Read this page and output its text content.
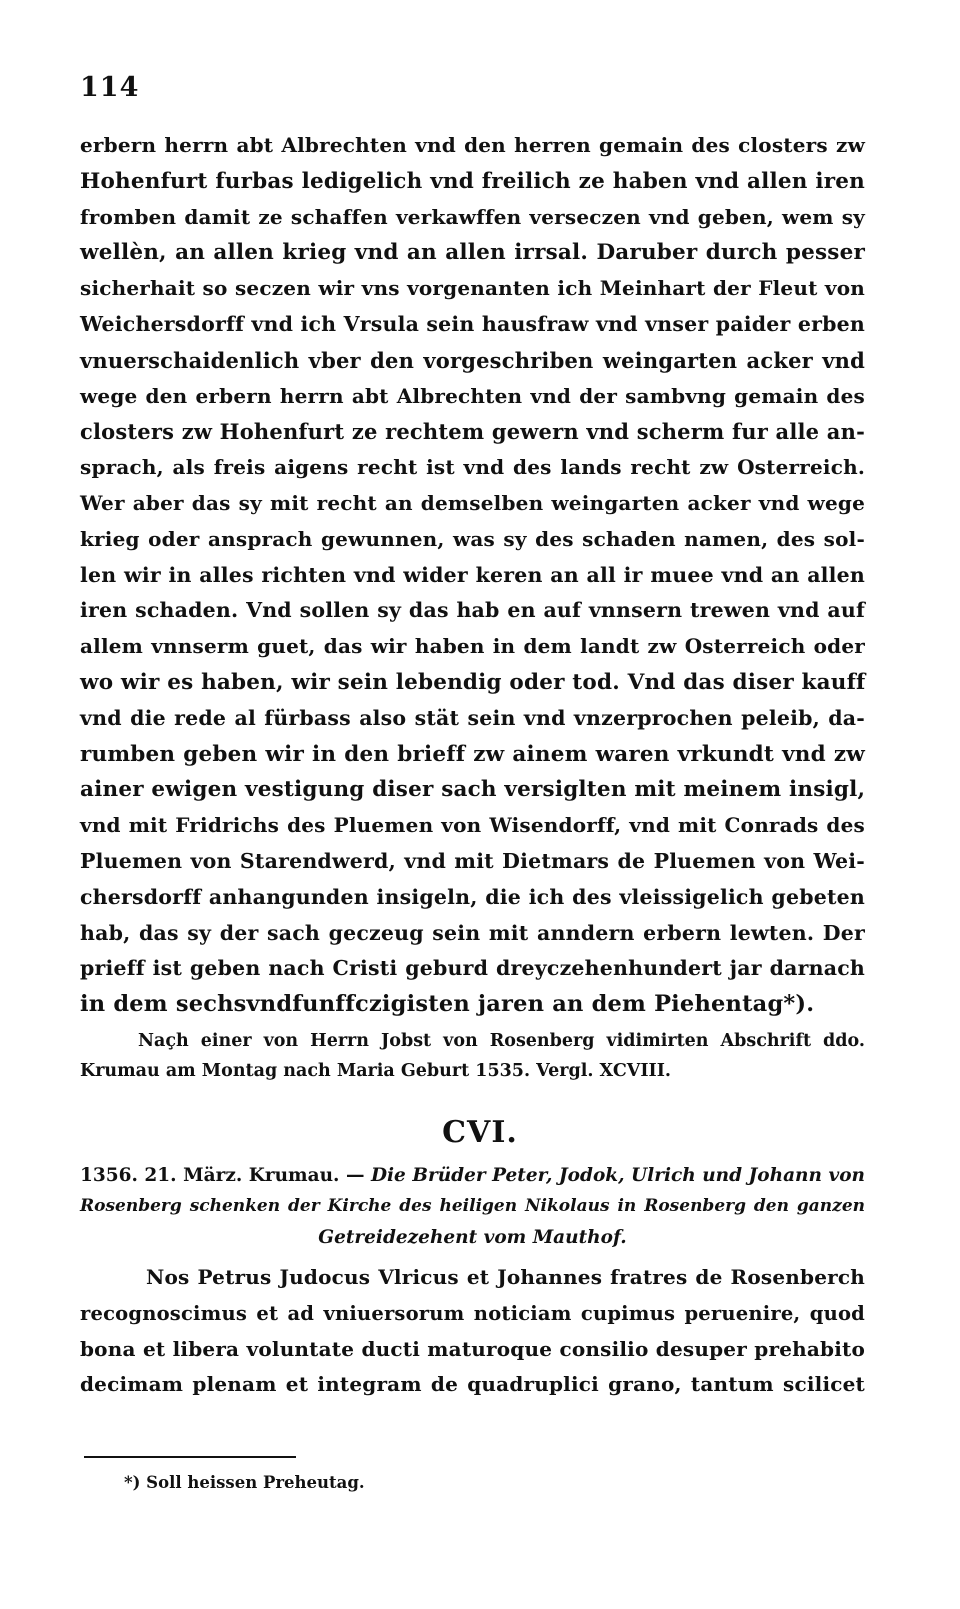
114
erbern herrn abt Albrechten vnd den herren gemain des closters zw
Hohenfurt furbas ledigelich vnd freilich ze haben vnd allen iren
fromben damit ze schaffen verkawffen verseczen vnd geben, wem sy
wellèn, an allen krieg vnd an allen irrsal. Daruber durch pesser
sicherhait so seczen wir vns vorgenanten ich Meinhart der Fleut von
Weichersdorff vnd ich Vrsula sein hausfraw vnd vnser paider erben
vnuerschaidenlich vber den vorgeschriben weingarten acker vnd
wege den erbern herrn abt Albrechten vnd der sambvng gemain des
closters zw Hohenfurt ze rechtem gewern vnd scherm fur alle an-
sprach, als freis aigens recht ist vnd des lands recht zw Osterreich.
Wer aber das sy mit recht an demselben weingarten acker vnd wege
krieg oder ansprach gewunnen, was sy des schaden namen, des sol-
len wir in alles richten vnd wider keren an all ir muee vnd an allen
iren schaden. Vnd sollen sy das hab en auf vnnsern trewen vnd auf
allem vnnserm guet, das wir haben in dem landt zw Osterreich oder
wo wir es haben, wir sein lebendig oder tod. Vnd das diser kauff
vnd die rede al fürbass also stät sein vnd vnzerprochen peleib, da-
rumben geben wir in den brieff zw ainem waren vrkundt vnd zw
ainer ewigen vestigung diser sach versiglten mit meinem insigl,
vnd mit Fridrichs des Pluemen von Wisendorff, vnd mit Conrads des
Pluemen von Starendwerd, vnd mit Dietmars de Pluemen von Wei-
chersdorff anhangunden insigeln, die ich des vleissigelich gebeten
hab, das sy der sach geczeug sein mit anndern erbern lewten. Der
prieff ist geben nach Cristi geburd dreyczehenhundert jar darnach
in dem sechsvndfunffczigisten jaren an dem Piehentag*).
Naçh einer von Herrn Jobst von Rosenberg vidimirten Abschrift ddo.
Krumau am Montag nach Maria Geburt 1535. Vergl. XCVIII.
CVI.
1356. 21. März. Krumau. — Die Brüder Peter, Jodok, Ulrich und Johann von
Rosenberg schenken der Kirche des heiligen Nikolaus in Rosenberg den ganzen
Getreidezehent vom Mauthof.
Nos Petrus Judocus Vlricus et Johannes fratres de Rosenberch
recognoscimus et ad vniuersorum noticiam cupimus peruenire, quod
bona et libera voluntate ducti maturoque consilio desuper prehabito
decimam plenam et integram de quadruplici grano, tantum scilicet
*) Soll heissen Preheutag.
